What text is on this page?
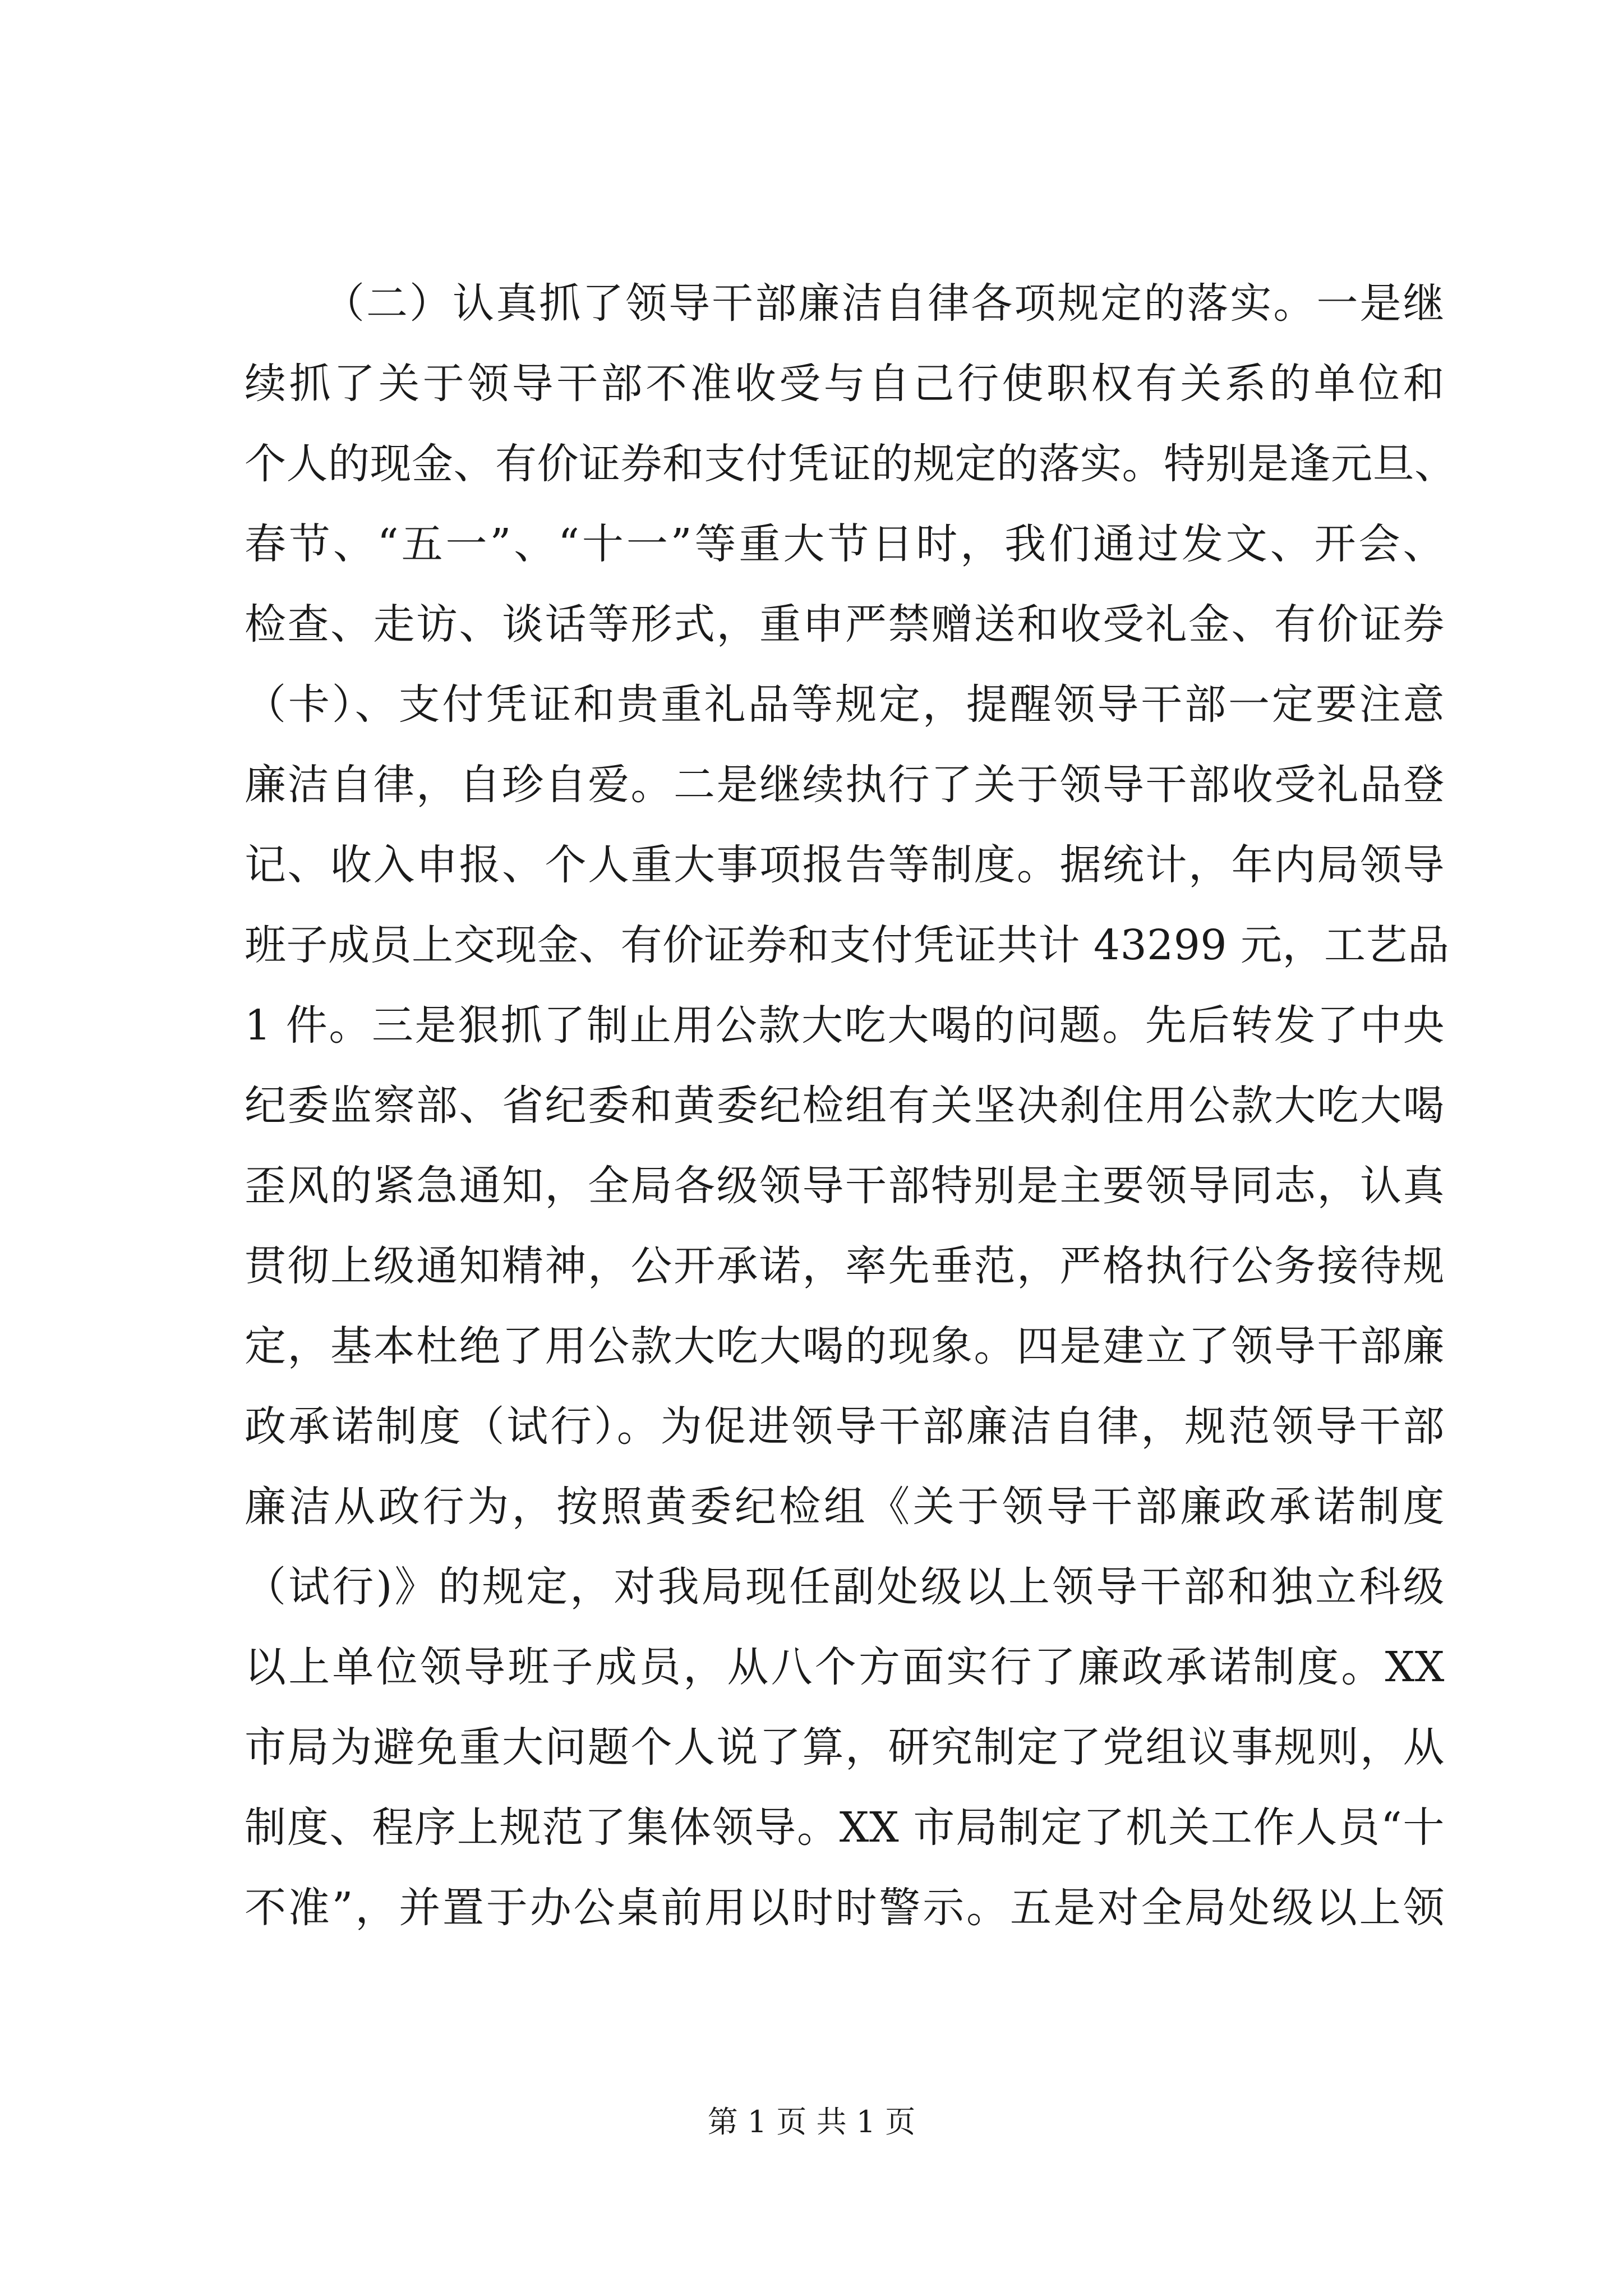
（二）认真抓了领导干部廉洁自律各项规定的落实。一是继
续抓了关于领导干部不准收受与自己行使职权有关系的单位和
个人的现金、有价证券和支付凭证的规定的落实。特别是逢元旦、
春节、“五一”、“十一”等重大节日时，我们通过发文、开会、
检查、走访、谈话等形式，重申严禁赠送和收受礼金、有价证券
（卡）、支付凭证和贵重礼品等规定，提醒领导干部一定要注意
廉洁自律，自珍自爱。二是继续执行了关于领导干部收受礼品登
记、收入申报、个人重大事项报告等制度。据统计，年内局领导
班子成员上交现金、有价证券和支付凭证共计 43299 元，工艺品
1 件。三是狠抓了制止用公款大吃大喝的问题。先后转发了中央
纪委监察部、省纪委和黄委纪检组有关坚决刹住用公款大吃大喝
歪风的紧急通知，全局各级领导干部特别是主要领导同志，认真
贯彻上级通知精神，公开承诺，率先垂范，严格执行公务接待规
定，基本杜绝了用公款大吃大喝的现象。四是建立了领导干部廉
政承诺制度（试行）。为促进领导干部廉洁自律，规范领导干部
廉洁从政行为，按照黄委纪检组《关于领导干部廉政承诺制度
（试行)》的规定，对我局现任副处级以上领导干部和独立科级
以上单位领导班子成员，从八个方面实行了廉政承诺制度。XX
市局为避免重大问题个人说了算，研究制定了党组议事规则，从
制度、程序上规范了集体领导。XX 市局制定了机关工作人员“十
不准”，并置于办公桌前用以时时警示。五是对全局处级以上领
第 1 页 共 1 页
